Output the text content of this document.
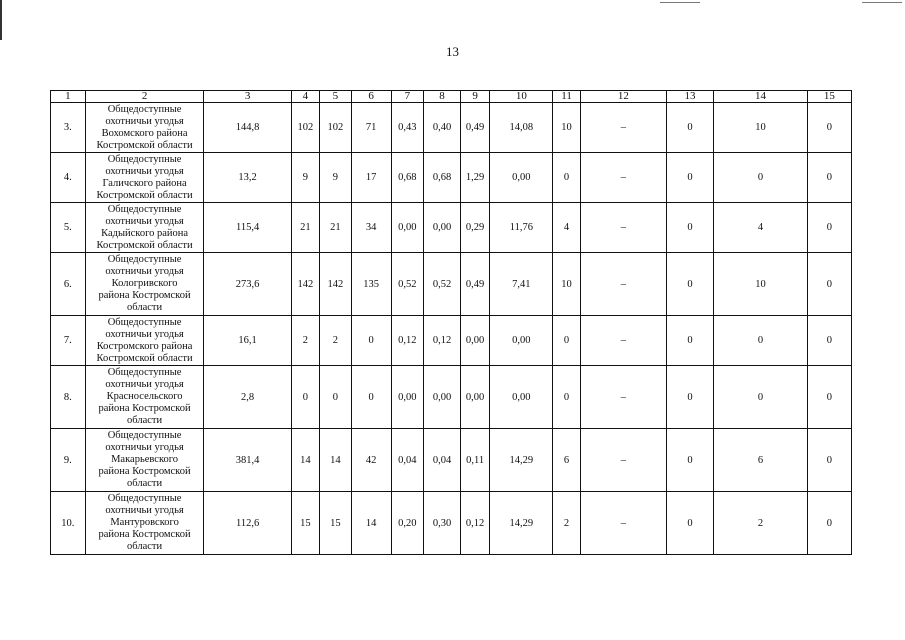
13
1	2	3	4	5	6	7	8	9	10	11	12	13	14	15
3.	Общедоступные
охотничьи угодья
Вохомского района
Костромской области	144,8	102	102	71	0,43	0,40	0,49	14,08	10	–	0	10	0
4.	Общедоступные
охотничьи угодья
Галичского района
Костромской области	13,2	9	9	17	0,68	0,68	1,29	0,00	0	–	0	0	0
5.	Общедоступные
охотничьи угодья
Кадыйского района
Костромской области	115,4	21	21	34	0,00	0,00	0,29	11,76	4	–	0	4	0
6.	Общедоступные
охотничьи угодья
Кологривского
района Костромской
области	273,6	142	142	135	0,52	0,52	0,49	7,41	10	–	0	10	0
7.	Общедоступные
охотничьи угодья
Костромского района
Костромской области	16,1	2	2	0	0,12	0,12	0,00	0,00	0	–	0	0	0
8.	Общедоступные
охотничьи угодья
Красносельского
района Костромской
области	2,8	0	0	0	0,00	0,00	0,00	0,00	0	–	0	0	0
9.	Общедоступные
охотничьи угодья
Макарьевского
района Костромской
области	381,4	14	14	42	0,04	0,04	0,11	14,29	6	–	0	6	0
10.	Общедоступные
охотничьи угодья
Мантуровского
района Костромской
области	112,6	15	15	14	0,20	0,30	0,12	14,29	2	–	0	2	0
